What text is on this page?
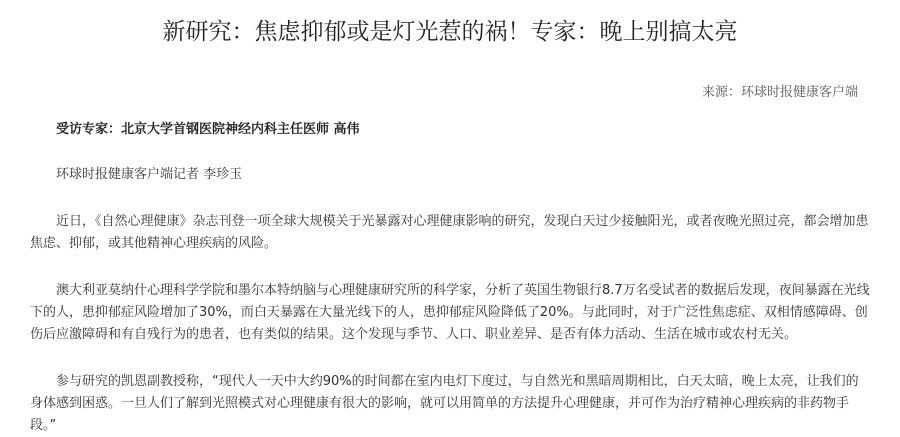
新研究：焦虑抑郁或是灯光惹的祸！专家：晚上别搞太亮
来源：环球时报健康客户端

受访专家：北京大学首钢医院神经内科主任医师 高伟

环球时报健康客户端记者 李珍玉

近日，《自然心理健康》杂志刊登一项全球大规模关于光暴露对心理健康影响的研究，发现白天过少接触阳光，或者夜晚光照过亮，都会增加患焦虑、抑郁，或其他精神心理疾病的风险。

澳大利亚莫纳什心理科学学院和墨尔本特纳脑与心理健康研究所的科学家，分析了英国生物银行8.7万名受试者的数据后发现，夜间暴露在光线下的人，患抑郁症风险增加了30%，而白天暴露在大量光线下的人，患抑郁症风险降低了20%。与此同时，对于广泛性焦虑症、双相情感障碍、创伤后应激障碍和有自残行为的患者，也有类似的结果。这个发现与季节、人口、职业差异、是否有体力活动、生活在城市或农村无关。

参与研究的凯恩副教授称，“现代人一天中大约90%的时间都在室内电灯下度过，与自然光和黑暗周期相比，白天太暗，晚上太亮，让我们的身体感到困惑。一旦人们了解到光照模式对心理健康有很大的影响，就可以用简单的方法提升心理健康，并可作为治疗精神心理疾病的非药物手段。”
